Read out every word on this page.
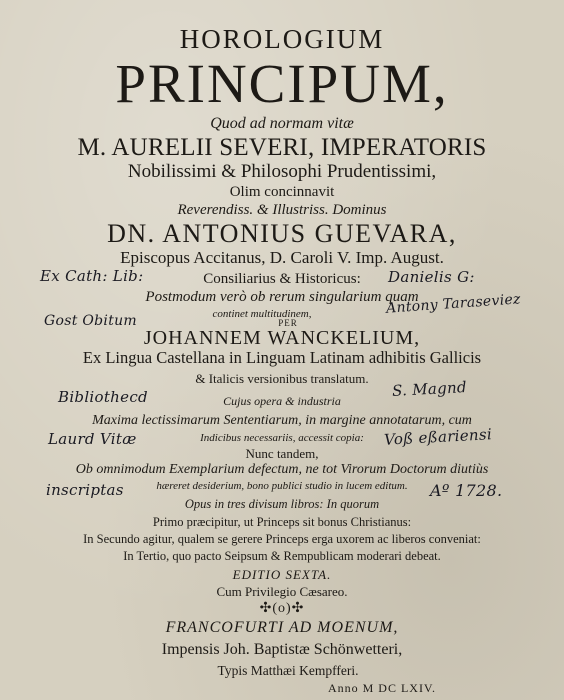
HOROLOGIUM
PRINCIPUM,
Quod ad normam vitæ
M. AURELII SEVERI, IMPERATORIS
Nobilissimi & Philosophi Prudentissimi,
Olim concinnavit
Reverendiss. & Illustriss. Dominus
DN. ANTONIUS GUEVARA,
Episcopus Accitanus, D. Caroli V. Imp. August.
Consiliarius & Historicus:
Postmodum verò ob rerum singularium quam
continet multitudinem,
PER
JOHANNEM WANCKELIUM,
Ex Lingua Castellana in Linguam Latinam adhibitis Gallicis
& Italicis versionibus translatum.
Cujus opera & industria
Maxima lectissimarum Sententiarum, in margine annotatarum, cum
Indicibus necessariis, accessit copia:
Nunc tandem,
Ob omnimodum Exemplarium defectum, ne tot Virorum Doctorum diutiùs
hæreret desiderium, bono publici studio in lucem editum.
Opus in tres divisum libros: In quorum
Primo præcipitur, ut Princeps sit bonus Christianus:
In Secundo agitur, qualem se gerere Princeps erga uxorem ac liberos conveniat:
In Tertio, quo pacto Seipsum & Rempublicam moderari debeat.
EDITIO SEXTA.
Cum Privilegio Cæsareo.
✣(o)✣
FRANCOFURTI AD MOENUM,
Impensis Joh. Baptistæ Schönwetteri,
Typis Matthæi Kempfferi.
Anno M DC LXIV.
Ex Cath: Lib:	Danielis G:
Gost Obitum
Antony Taraseviez
Bibliothecd	S. Magnd
Laurd Vitæ	Voß eßariensi
inscriptas	Aº 1728.
